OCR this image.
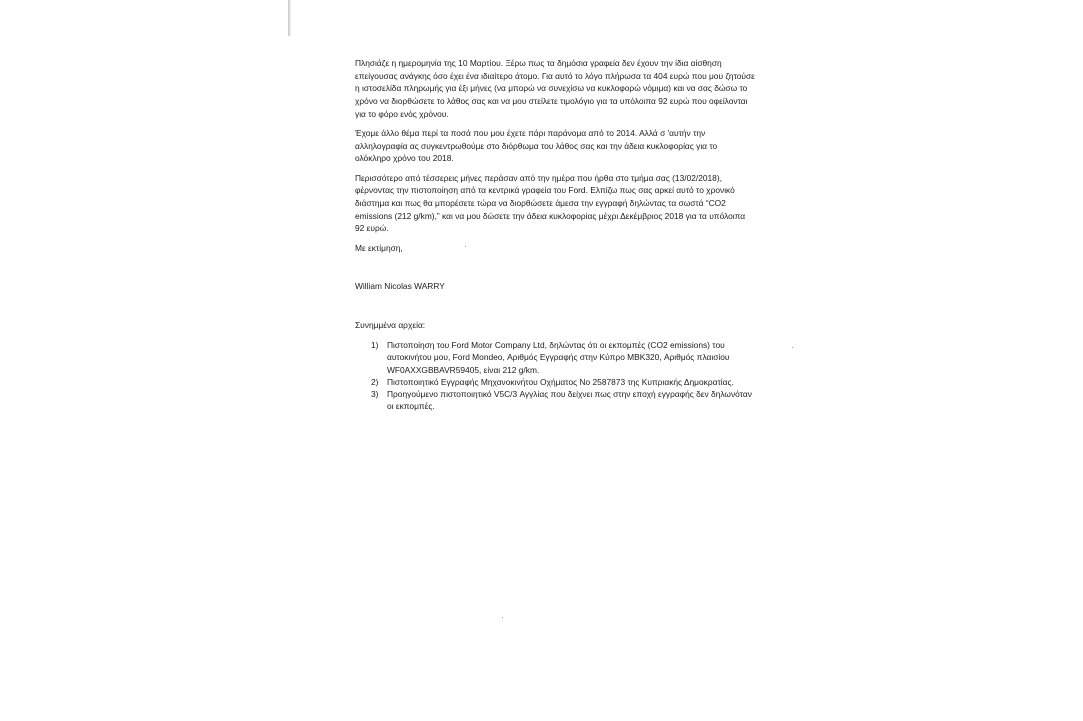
Πλησιάζε η ημερομηνία της 10 Μαρτίου. Ξέρω πως τα δημόσια γραφεία δεν έχουν την ίδια αίσθηση επείγουσας ανάγκης όσο έχει ένα ιδιαίτερο άτομο. Για αυτό το λόγο πλήρωσα τα 404 ευρώ που μου ζητούσε η ιστοσελίδα πληρωμής για έξι μήνες (να μπορώ να συνεχίσω να κυκλοφορώ νόμιμα) και να σας δώσω το χρόνο να διορθώσετε το λάθος σας και να μου στείλετε τιμολόγιο για τα υπόλοιπα 92 ευρώ που οφείλονται για το φόρο ενός χρόνου.

Έχομε άλλο θέμα περί τα ποσά που μου έχετε πάρι παράνομα από το 2014. Αλλά σ 'αυτήν την αλληλογραφία ας συγκεντρωθούμε στο διόρθωμα του λάθος σας και την άδεια κυκλοφορίας για το ολόκληρο χρόνο του 2018.

Περισσότερο από τέσσερεις μήνες περάσαν από την ημέρα που ήρθα στο τμήμα σας (13/02/2018), φέρνοντας την πιστοποίηση από τα κεντρικά γραφεία του Ford. Ελπίζω πως σας αρκεί αυτό το χρονικό διάστημα και πως θα μπορέσετε τώρα να διορθώσετε άμεσα την εγγραφή δηλώντας τα σωστά “CO2 emissions (212 g/km),” και να μου δώσετε την άδεια κυκλοφορίας μέχρι Δεκέμβριος 2018 για τα υπόλοιπα 92 ευρώ.

Με εκτίμηση,

William Nicolas WARRY
Συνημμένα αρχεία:
1)	Πιστοποίηση του Ford Motor Company Ltd, δηλώντας ότι οι εκπομπές (CO2 emissions) του αυτοκινήτου μου, Ford Mondeo, Αριθμός Εγγραφής στην Κύπρο MBK320, Αριθμός πλαισίου WF0AXXGBBAVR59405, είναι 212 g/km.
2)	Πιστοποιητικό Εγγραφής Μηχανοκινήτου Οχήματος No 2587873 της Κυπριακής Δημοκρατίας.
3)	Προηγούμενο πιστοποιητικό V5C/3 Αγγλίας που δείχνει πως στην εποχή εγγραφής δεν δηλωνόταν οι εκπομπές.
